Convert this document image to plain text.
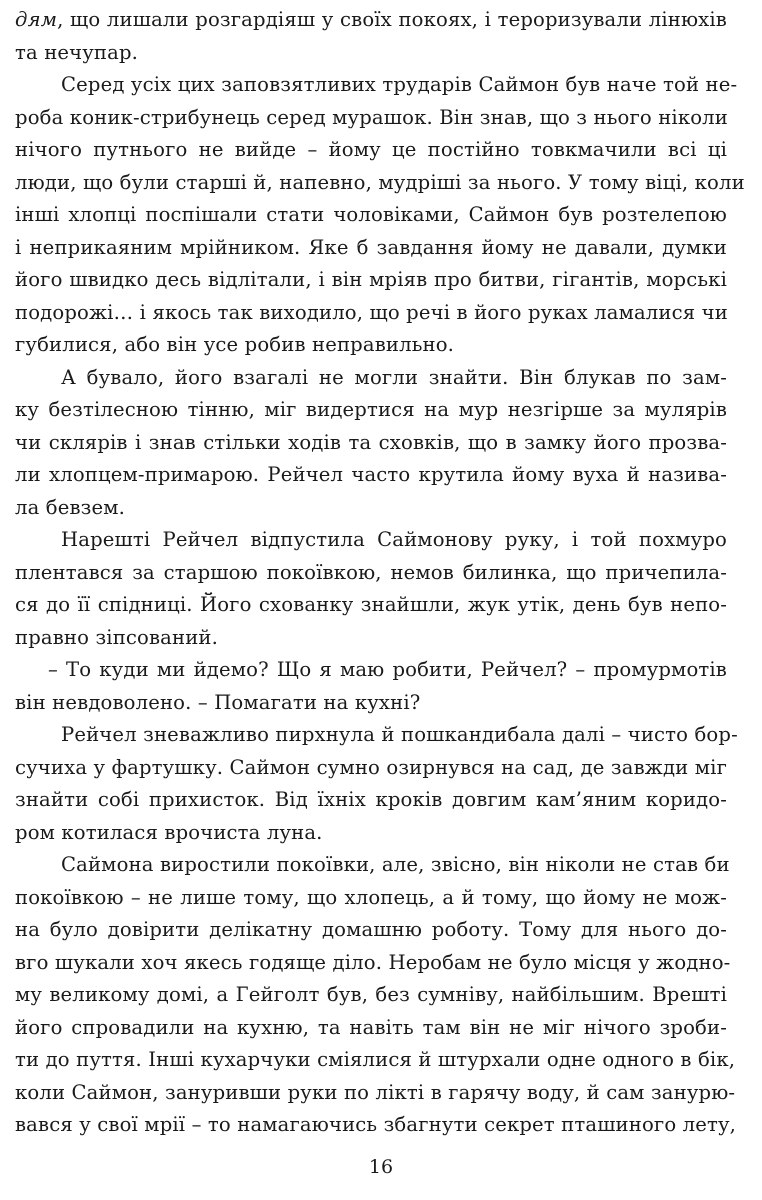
дям, що лишали розгардіяш у своїх покоях, і тероризували лінюхів
та нечупар.
Серед усіх цих заповзятливих трударів Саймон був наче той не-
роба коник-стрибунець серед мурашок. Він знав, що з нього ніколи
нічого путнього не вийде – йому це постійно товкмачили всі ці
люди, що були старші й, напевно, мудріші за нього. У тому віці, коли
інші хлопці поспішали стати чоловіками, Саймон був розтелепою
і неприкаяним мрійником. Яке б завдання йому не давали, думки
його швидко десь відлітали, і він мріяв про битви, гігантів, морські
подорожі… і якось так виходило, що речі в його руках ламалися чи
губилися, або він усе робив неправильно.
А бувало, його взагалі не могли знайти. Він блукав по зам-
ку безтілесною тінню, міг видертися на мур незгірше за мулярів
чи склярів і знав стільки ходів та сховків, що в замку його прозва-
ли хлопцем-примарою. Рейчел часто крутила йому вуха й назива-
ла бевзем.
Нарешті Рейчел відпустила Саймонову руку, і той похмуро
плентався за старшою покоївкою, немов билинка, що причепила-
ся до її спідниці. Його схованку знайшли, жук утік, день був непо-
правно зіпсований.
– То куди ми йдемо? Що я маю робити, Рейчел? – промурмотів
він невдоволено. – Помагати на кухні?
Рейчел зневажливо пирхнула й пошкандибала далі – чисто бор-
сучиха у фартушку. Саймон сумно озирнувся на сад, де завжди міг
знайти собі прихисток. Від їхніх кроків довгим кам’яним коридо-
ром котилася врочиста луна.
Саймона виростили покоївки, але, звісно, він ніколи не став би
покоївкою – не лише тому, що хлопець, а й тому, що йому не мож-
на було довірити делікатну домашню роботу. Тому для нього до-
вго шукали хоч якесь годяще діло. Неробам не було місця у жодно-
му великому домі, а Гейголт був, без сумніву, найбільшим. Врешті
його спровадили на кухню, та навіть там він не міг нічого зроби-
ти до пуття. Інші кухарчуки сміялися й штурхали одне одного в бік,
коли Саймон, зануривши руки по лікті в гарячу воду, й сам занурю-
вався у свої мрії – то намагаючись збагнути секрет пташиного лету,
16
